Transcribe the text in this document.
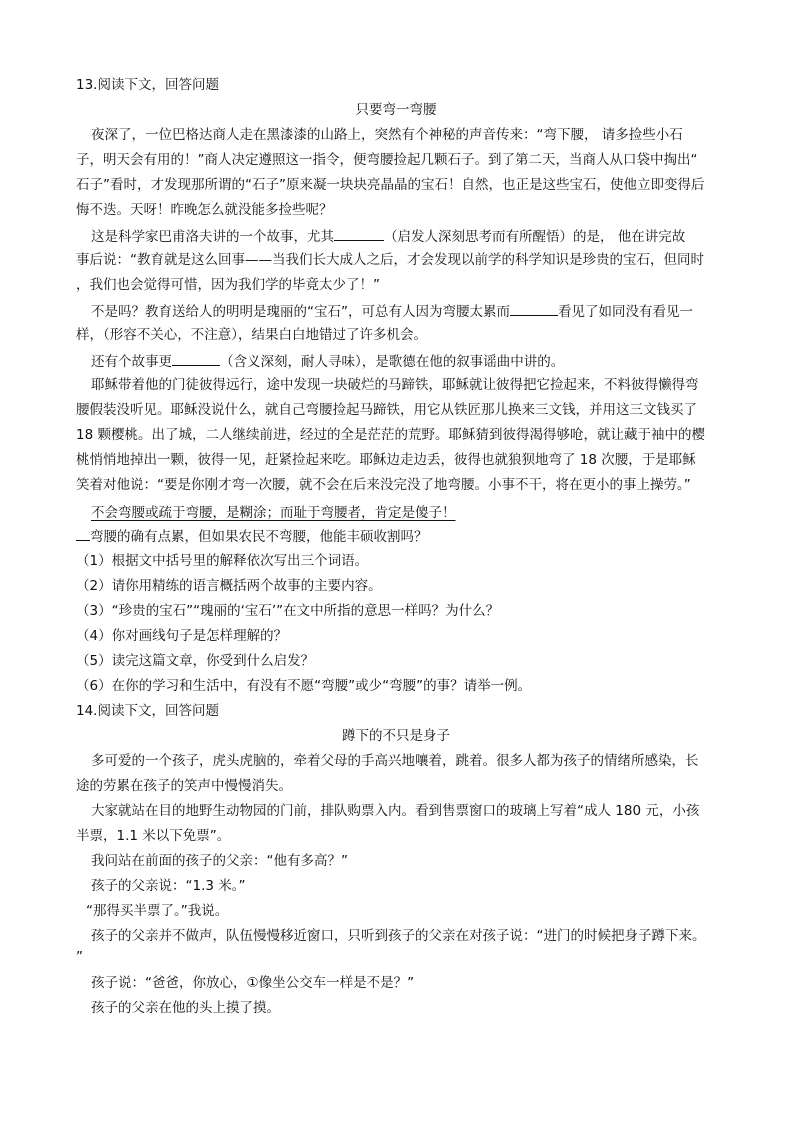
13.阅读下文，回答问题
只要弯一弯腰
夜深了，一位巴格达商人走在黑漆漆的山路上，突然有个神秘的声音传来：“弯下腰， 请多捡些小石
子，明天会有用的！”商人决定遵照这一指令，便弯腰捡起几颗石子。到了第二天，当商人从口袋中掏出“
石子”看时，才发现那所谓的“石子”原来凝一块块亮晶晶的宝石！自然，也正是这些宝石，使他立即变得后
悔不迭。天呀！昨晚怎么就没能多捡些呢？
这是科学家巴甫洛夫讲的一个故事，尤其	（启发人深刻思考而有所醒悟）的是， 他在讲完故
事后说：“教育就是这么回事——当我们长大成人之后，才会发现以前学的科学知识是珍贵的宝石，但同时
，我们也会觉得可惜，因为我们学的毕竟太少了！”
不是吗？教育送给人的明明是瑰丽的“宝石”，可总有人因为弯腰太累而	看见了如同没有看见一
样，（形容不关心，不注意），结果白白地错过了许多机会。
还有个故事更	（含义深刻，耐人寻味），是歌德在他的叙事谣曲中讲的。
耶稣带着他的门徒彼得远行，途中发现一块破烂的马蹄铁，耶稣就让彼得把它捡起来，不料彼得懒得弯
腰假装没听见。耶稣没说什么，就自己弯腰捡起马蹄铁，用它从铁匠那儿换来三文钱，并用这三文钱买了
18 颗樱桃。出了城，二人继续前进，经过的全是茫茫的荒野。耶稣猜到彼得渴得够呛，就让藏于袖中的樱
桃悄悄地掉出一颗，彼得一见，赶紧捡起来吃。耶稣边走边丢，彼得也就狼狈地弯了 18 次腰，于是耶稣
笑着对他说：“要是你刚才弯一次腰，就不会在后来没完没了地弯腰。小事不干，将在更小的事上操劳。”
不会弯腰或疏于弯腰，是糊涂；而耻于弯腰者，肯定是傻子！
弯腰的确有点累，但如果农民不弯腰，他能丰硕收割吗？
（1）根据文中括号里的解释依次写出三个词语。
（2）请你用精练的语言概括两个故事的主要内容。
（3）“珍贵的宝石”“瑰丽的‘宝石’”在文中所指的意思一样吗？为什么？
（4）你对画线句子是怎样理解的？
（5）读完这篇文章，你受到什么启发？
（6）在你的学习和生活中，有没有不愿“弯腰”或少“弯腰”的事？请举一例。
14.阅读下文，回答问题
蹲下的不只是身子
多可爱的一个孩子，虎头虎脑的，牵着父母的手高兴地嚷着，跳着。很多人都为孩子的情绪所感染，长
途的劳累在孩子的笑声中慢慢消失。
大家就站在目的地野生动物园的门前，排队购票入内。看到售票窗口的玻璃上写着“成人 180 元，小孩
半票，1.1 米以下免票”。
我问站在前面的孩子的父亲：“他有多高？”
孩子的父亲说：“1.3 米。”
“那得买半票了。”我说。
孩子的父亲并不做声，队伍慢慢移近窗口，只听到孩子的父亲在对孩子说：“进门的时候把身子蹲下来。
”
孩子说：“爸爸，你放心，①像坐公交车一样是不是？”
孩子的父亲在他的头上摸了摸。
